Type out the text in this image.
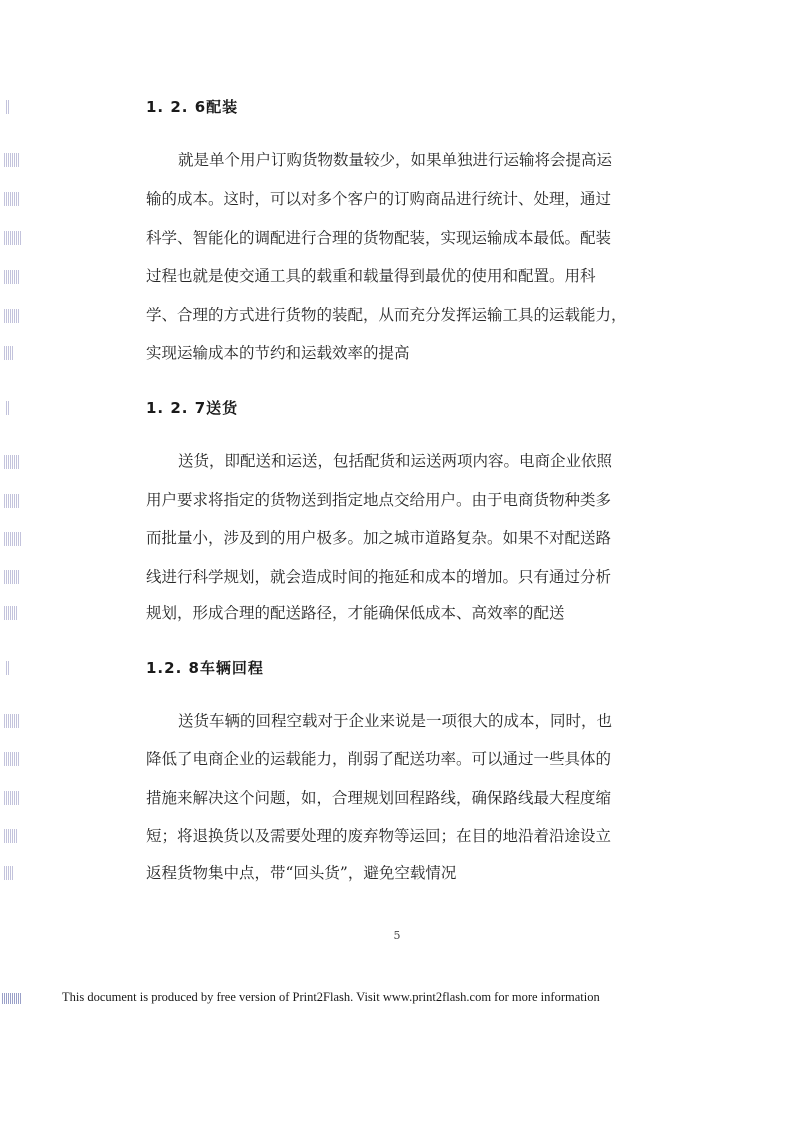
1. 2. 6配装
就是单个用户订购货物数量较少，如果单独进行运输将会提高运
输的成本。这时，可以对多个客户的订购商品进行统计、处理，通过
科学、智能化的调配进行合理的货物配装，实现运输成本最低。配装
过程也就是使交通工具的载重和载量得到最优的使用和配置。用科
学、合理的方式进行货物的装配，从而充分发挥运输工具的运载能力，
实现运输成本的节约和运载效率的提高
1. 2. 7送货
送货，即配送和运送，包括配货和运送两项内容。电商企业依照
用户要求将指定的货物送到指定地点交给用户。由于电商货物种类多
而批量小，涉及到的用户极多。加之城市道路复杂。如果不对配送路
线进行科学规划，就会造成时间的拖延和成本的增加。只有通过分析
规划，形成合理的配送路径，才能确保低成本、高效率的配送
1.2. 8车辆回程
送货车辆的回程空载对于企业来说是一项很大的成本，同时，也
降低了电商企业的运载能力，削弱了配送功率。可以通过一些具体的
措施来解决这个问题，如，合理规划回程路线，确保路线最大程度缩
短；将退换货以及需要处理的废弃物等运回；在目的地沿着沿途设立
返程货物集中点，带“回头货”，避免空载情况
5
This document is produced by free version of Print2Flash. Visit www.print2flash.com for more information
